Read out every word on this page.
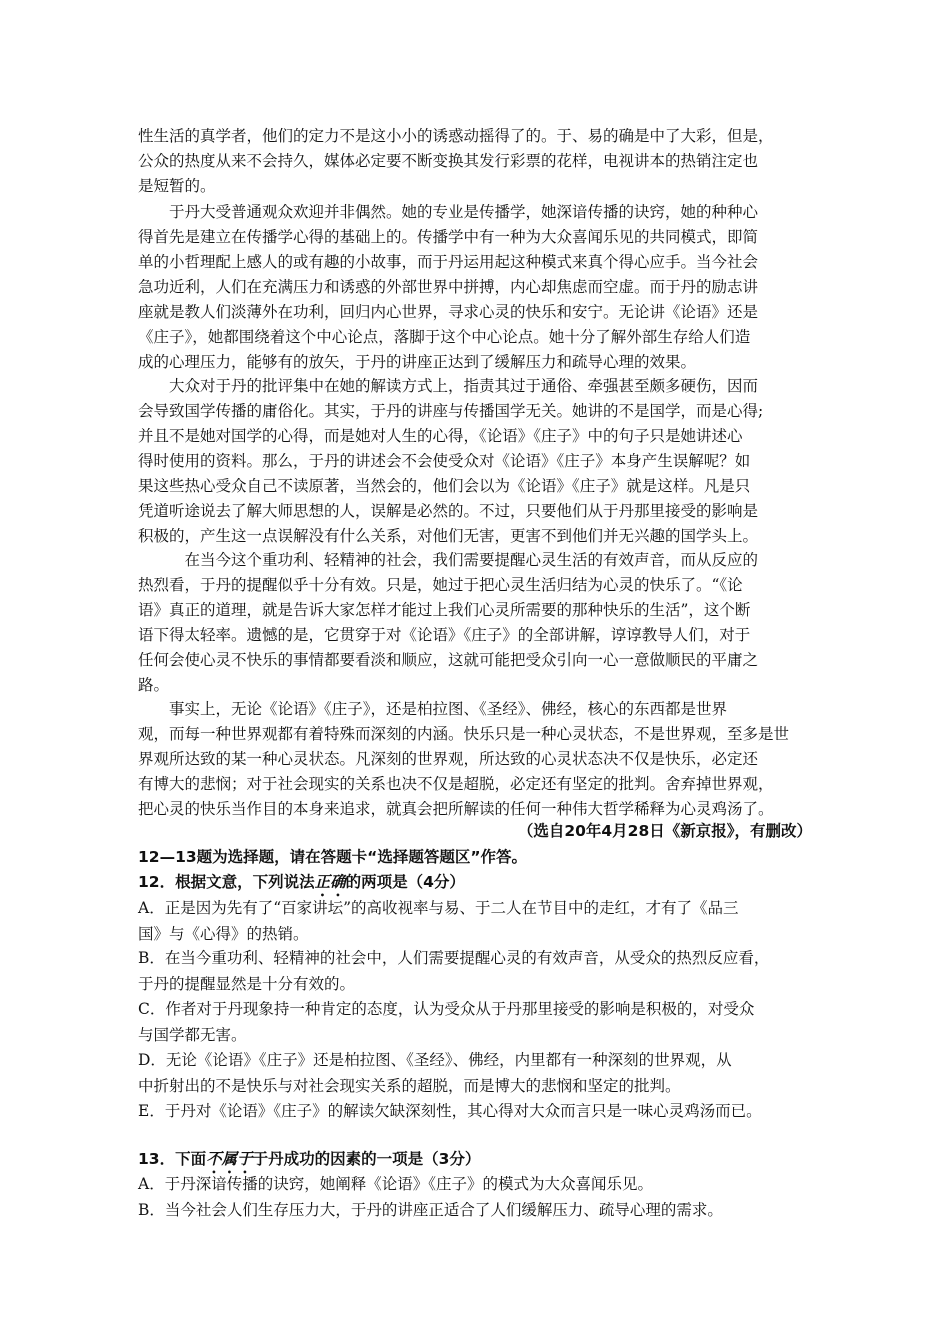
性生活的真学者，他们的定力不是这小小的诱惑动摇得了的。于、易的确是中了大彩，但是，
公众的热度从来不会持久，媒体必定要不断变换其发行彩票的花样，电视讲本的热销注定也
是短暂的。
　　于丹大受普通观众欢迎并非偶然。她的专业是传播学，她深谙传播的诀窍，她的种种心
得首先是建立在传播学心得的基础上的。传播学中有一种为大众喜闻乐见的共同模式，即简
单的小哲理配上感人的或有趣的小故事，而于丹运用起这种模式来真个得心应手。当今社会
急功近利，人们在充满压力和诱惑的外部世界中拼搏，内心却焦虑而空虚。而于丹的励志讲
座就是教人们淡薄外在功利，回归内心世界，寻求心灵的快乐和安宁。无论讲《论语》还是
《庄子》，她都围绕着这个中心论点，落脚于这个中心论点。她十分了解外部生存给人们造
成的心理压力，能够有的放矢，于丹的讲座正达到了缓解压力和疏导心理的效果。
　　大众对于丹的批评集中在她的解读方式上，指责其过于通俗、牵强甚至颇多硬伤，因而
会导致国学传播的庸俗化。其实，于丹的讲座与传播国学无关。她讲的不是国学，而是心得;
并且不是她对国学的心得，而是她对人生的心得，《论语》《庄子》中的句子只是她讲述心
得时使用的资料。那么，于丹的讲述会不会使受众对《论语》《庄子》本身产生误解呢？如
果这些热心受众自己不读原著，当然会的，他们会以为《论语》《庄子》就是这样。凡是只
凭道听途说去了解大师思想的人，误解是必然的。不过，只要他们从于丹那里接受的影响是
积极的，产生这一点误解没有什么关系，对他们无害，更害不到他们并无兴趣的国学头上。
　　　在当今这个重功利、轻精神的社会，我们需要提醒心灵生活的有效声音，而从反应的
热烈看，于丹的提醒似乎十分有效。只是，她过于把心灵生活归结为心灵的快乐了。“《论
语》真正的道理，就是告诉大家怎样才能过上我们心灵所需要的那种快乐的生活”，这个断
语下得太轻率。遗憾的是，它贯穿于对《论语》《庄子》的全部讲解，谆谆教导人们，对于
任何会使心灵不快乐的事情都要看淡和顺应，这就可能把受众引向一心一意做顺民的平庸之
路。
　　事实上，无论《论语》《庄子》，还是柏拉图、《圣经》、佛经，核心的东西都是世界
观，而每一种世界观都有着特殊而深刻的内涵。快乐只是一种心灵状态，不是世界观，至多是世
界观所达致的某一种心灵状态。凡深刻的世界观，所达致的心灵状态决不仅是快乐，必定还
有博大的悲悯；对于社会现实的关系也决不仅是超脱，必定还有坚定的批判。舍弃掉世界观，
把心灵的快乐当作目的本身来追求，就真会把所解读的任何一种伟大哲学稀释为心灵鸡汤了。
（选自20年4月28日《新京报》，有删改）
12—13题为选择题，请在答题卡“选择题答题区”作答。
12．根据文意，下列说法正确的两项是（4分）
A．正是因为先有了“百家讲坛”的高收视率与易、于二人在节目中的走红，才有了《品三
国》与《心得》的热销。
B．在当今重功利、轻精神的社会中，人们需要提醒心灵的有效声音，从受众的热烈反应看，
于丹的提醒显然是十分有效的。
C．作者对于丹现象持一种肯定的态度，认为受众从于丹那里接受的影响是积极的，对受众
与国学都无害。
D．无论《论语》《庄子》还是柏拉图、《圣经》、佛经，内里都有一种深刻的世界观，从
中折射出的不是快乐与对社会现实关系的超脱，而是博大的悲悯和坚定的批判。
E．于丹对《论语》《庄子》的解读欠缺深刻性，其心得对大众而言只是一味心灵鸡汤而已。
13．下面不属于于丹成功的因素的一项是（3分）
A．于丹深谙传播的诀窍，她阐释《论语》《庄子》的模式为大众喜闻乐见。
B．当今社会人们生存压力大，于丹的讲座正适合了人们缓解压力、疏导心理的需求。
